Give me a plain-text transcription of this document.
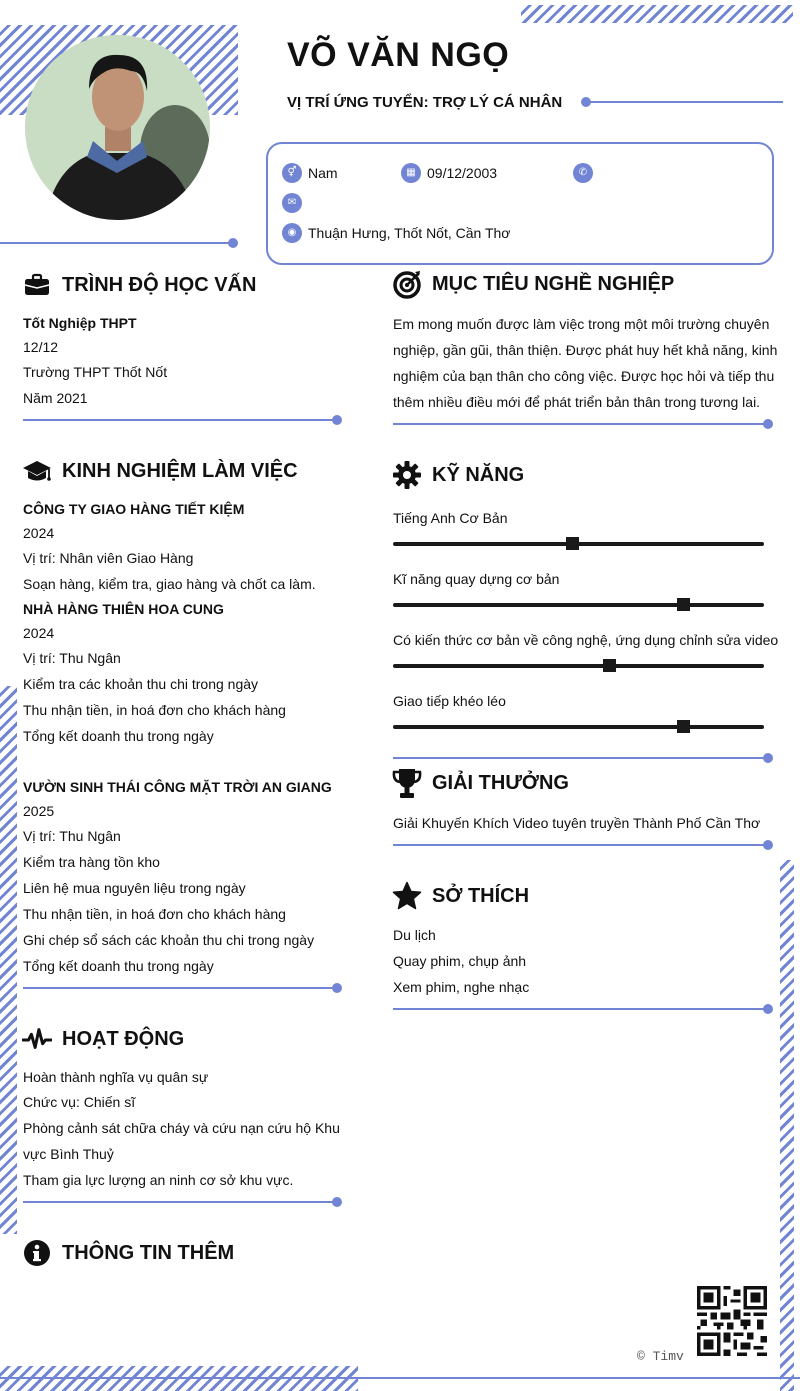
VÕ VĂN NGỌ
VỊ TRÍ ỨNG TUYỂN: TRỢ LÝ CÁ NHÂN
⚥ Nam	▦ 09/12/2003	✆
✉
◉ Thuận Hưng, Thốt Nốt, Cần Thơ
TRÌNH ĐỘ HỌC VẤN
Tốt Nghiệp THPT
12/12
Trường THPT Thốt Nốt
Năm 2021
MỤC TIÊU NGHỀ NGHIỆP
Em mong muốn được làm việc trong một môi trường chuyên
nghiệp, gần gũi, thân thiện. Được phát huy hết khả năng, kinh
nghiệm của bạn thân cho công việc. Được học hỏi và tiếp thu
thêm nhiều điều mới để phát triển bản thân trong tương lai.
KINH NGHIỆM LÀM VIỆC
CÔNG TY GIAO HÀNG TIẾT KIỆM
2024
Vị trí: Nhân viên Giao Hàng
Soạn hàng, kiểm tra, giao hàng và chốt ca làm.
NHÀ HÀNG THIÊN HOA CUNG
2024
Vị trí: Thu Ngân
Kiểm tra các khoản thu chi trong ngày
Thu nhận tiền, in hoá đơn cho khách hàng
Tổng kết doanh thu trong ngày
VƯỜN SINH THÁI CÔNG MẶT TRỜI AN GIANG
2025
Vị trí: Thu Ngân
Kiểm tra hàng tồn kho
Liên hệ mua nguyên liệu trong ngày
Thu nhận tiền, in hoá đơn cho khách hàng
Ghi chép sổ sách các khoản thu chi trong ngày
Tổng kết doanh thu trong ngày
KỸ NĂNG
Tiếng Anh Cơ Bản
Kĩ năng quay dựng cơ bản
Có kiến thức cơ bản về công nghệ, ứng dụng chỉnh sửa video
Giao tiếp khéo léo
GIẢI THƯỞNG
Giải Khuyến Khích Video tuyên truyền Thành Phố Cần Thơ
SỞ THÍCH
Du lịch
Quay phim, chụp ảnh
Xem phim, nghe nhạc
HOẠT ĐỘNG
Hoàn thành nghĩa vụ quân sự
Chức vụ: Chiến sĩ
Phòng cảnh sát chữa cháy và cứu nạn cứu hộ Khu
vực Bình Thuỷ
Tham gia lực lượng an ninh cơ sở khu vực.
THÔNG TIN THÊM
© Timv
